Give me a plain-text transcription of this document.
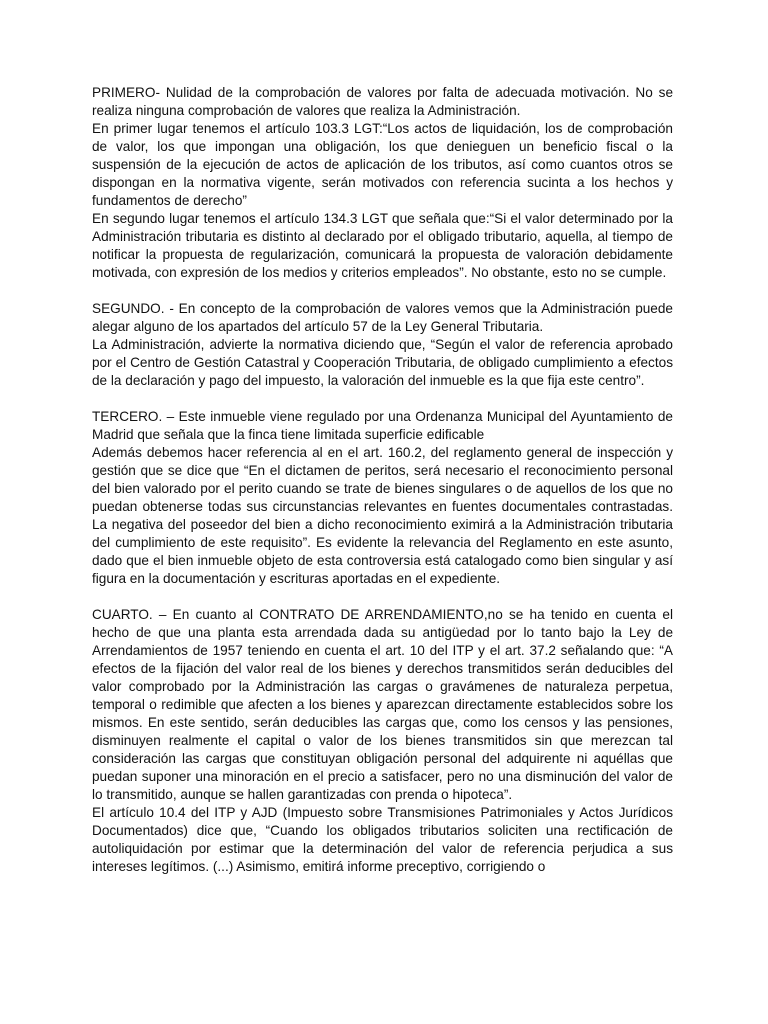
PRIMERO- Nulidad de la comprobación de valores por falta de adecuada motivación. No se realiza ninguna comprobación de valores que realiza la Administración.

En primer lugar tenemos el artículo 103.3 LGT:“Los actos de liquidación, los de comprobación de valor, los que impongan una obligación, los que denieguen un beneficio fiscal o la suspensión de la ejecución de actos de aplicación de los tributos, así como cuantos otros se dispongan en la normativa vigente, serán motivados con referencia sucinta a los hechos y fundamentos de derecho”

En segundo lugar tenemos el artículo 134.3 LGT que señala que:“Si el valor determinado por la Administración tributaria es distinto al declarado por el obligado tributario, aquella, al tiempo de notificar la propuesta de regularización, comunicará la propuesta de valoración debidamente motivada, con expresión de los medios y criterios empleados”. No obstante, esto no se cumple.

SEGUNDO. - En concepto de la comprobación de valores vemos que la Administración puede alegar alguno de los apartados del artículo 57 de la Ley General Tributaria.

La Administración, advierte la normativa diciendo que, “Según el valor de referencia aprobado por el Centro de Gestión Catastral y Cooperación Tributaria, de obligado cumplimiento a efectos de la declaración y pago del impuesto, la valoración del inmueble es la que fija este centro”.

TERCERO. – Este inmueble viene regulado por una Ordenanza Municipal del Ayuntamiento de Madrid que señala que la finca tiene limitada superficie edificable

Además debemos hacer referencia al en el art. 160.2, del reglamento general de inspección y gestión que se dice que “En el dictamen de peritos, será necesario el reconocimiento personal del bien valorado por el perito cuando se trate de bienes singulares o de aquellos de los que no puedan obtenerse todas sus circunstancias relevantes en fuentes documentales contrastadas. La negativa del poseedor del bien a dicho reconocimiento eximirá a la Administración tributaria del cumplimiento de este requisito”. Es evidente la relevancia del Reglamento en este asunto, dado que el bien inmueble objeto de esta controversia está catalogado como bien singular y así figura en la documentación y escrituras aportadas en el expediente.

CUARTO. – En cuanto al CONTRATO DE ARRENDAMIENTO,no se ha tenido en cuenta el hecho de que una planta esta arrendada dada su antigüedad por lo tanto bajo la Ley de Arrendamientos de 1957 teniendo en cuenta el art. 10 del ITP y el art. 37.2 señalando que: “A efectos de la fijación del valor real de los bienes y derechos transmitidos serán deducibles del valor comprobado por la Administración las cargas o gravámenes de naturaleza perpetua, temporal o redimible que afecten a los bienes y aparezcan directamente establecidos sobre los mismos. En este sentido, serán deducibles las cargas que, como los censos y las pensiones, disminuyen realmente el capital o valor de los bienes transmitidos sin que merezcan tal consideración las cargas que constituyan obligación personal del adquirente ni aquéllas que puedan suponer una minoración en el precio a satisfacer, pero no una disminución del valor de lo transmitido, aunque se hallen garantizadas con prenda o hipoteca”.

El artículo 10.4 del ITP y AJD (Impuesto sobre Transmisiones Patrimoniales y Actos Jurídicos Documentados) dice que, “Cuando los obligados tributarios soliciten una rectificación de autoliquidación por estimar que la determinación del valor de referencia perjudica a sus intereses legítimos. (...) Asimismo, emitirá informe preceptivo, corrigiendo o
